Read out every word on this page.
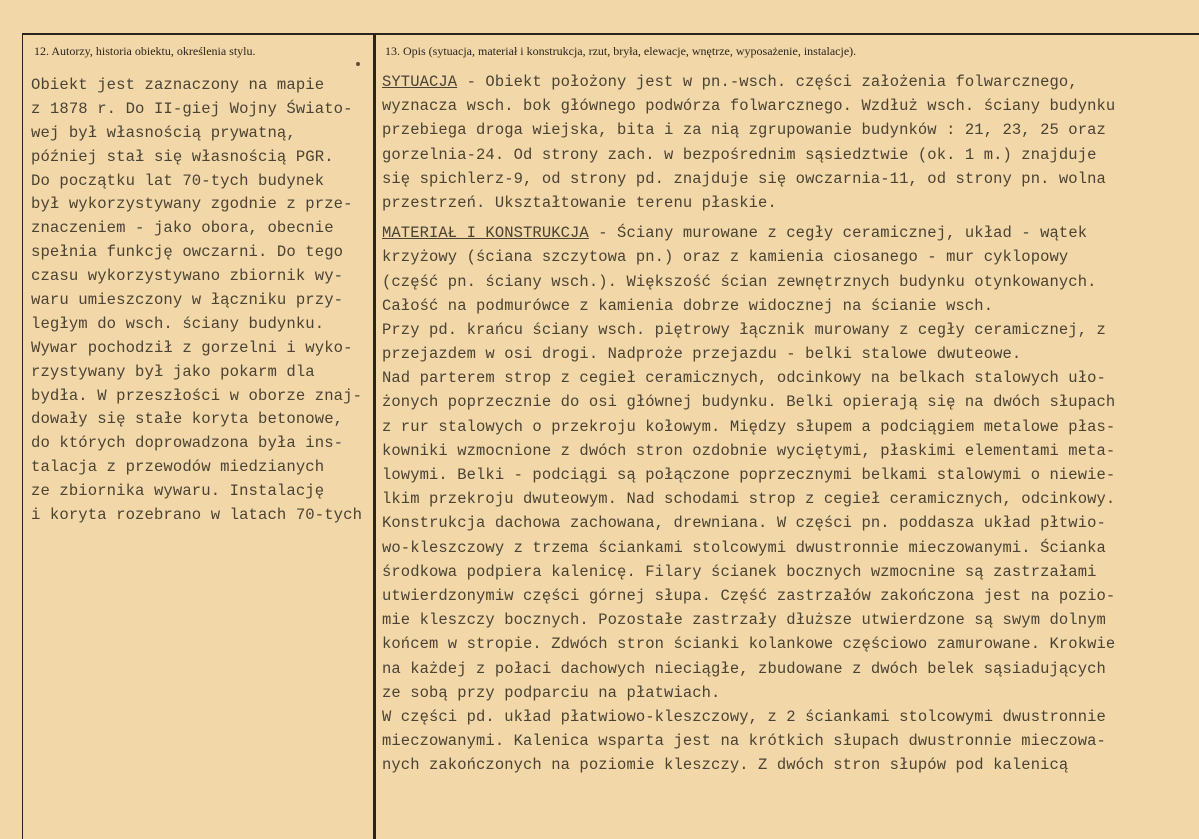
12. Autorzy, historia obiektu, określenia stylu.	13. Opis (sytuacja, materiał i konstrukcja, rzut, bryła, elewacje, wnętrze, wyposażenie, instalacje).
Obiekt jest zaznaczony na mapie
z 1878 r. Do II-giej Wojny Świato-
wej był własnością prywatną,
później stał się własnością PGR.
Do początku lat 70-tych budynek
był wykorzystywany zgodnie z prze-
znaczeniem - jako obora, obecnie
spełnia funkcję owczarni. Do tego
czasu wykorzystywano zbiornik wy-
waru umieszczony w łączniku przy-
ległym do wsch. ściany budynku.
Wywar pochodził z gorzelni i wyko-
rzystywany był jako pokarm dla
bydła. W przeszłości w oborze znaj-
dowały się stałe koryta betonowe,
do których doprowadzona była ins-
talacja z przewodów miedzianych
ze zbiornika wywaru. Instalację
i koryta rozebrano w latach 70-tych
SYTUACJA - Obiekt położony jest w pn.-wsch. części założenia folwarcznego,
wyznacza wsch. bok głównego podwórza folwarcznego. Wzdłuż wsch. ściany budynku
przebiega droga wiejska, bita i za nią zgrupowanie budynków : 21, 23, 25 oraz
gorzelnia-24. Od strony zach. w bezpośrednim sąsiedztwie (ok. 1 m.) znajduje
się spichlerz-9, od strony pd. znajduje się owczarnia-11, od strony pn. wolna
przestrzeń. Ukształtowanie terenu płaskie.
MATERIAŁ I KONSTRUKCJA - Ściany murowane z cegły ceramicznej, układ - wątek
krzyżowy (ściana szczytowa pn.) oraz z kamienia ciosanego - mur cyklopowy
(część pn. ściany wsch.). Większość ścian zewnętrznych budynku otynkowanych.
Całość na podmurówce z kamienia dobrze widocznej na ścianie wsch.
Przy pd. krańcu ściany wsch. piętrowy łącznik murowany z cegły ceramicznej, z
przejazdem w osi drogi. Nadproże przejazdu - belki stalowe dwuteowe.
Nad parterem strop z cegieł ceramicznych, odcinkowy na belkach stalowych uło-
żonych poprzecznie do osi głównej budynku. Belki opierają się na dwóch słupach
z rur stalowych o przekroju kołowym. Między słupem a podciągiem metalowe płas-
kowniki wzmocnione z dwóch stron ozdobnie wyciętymi, płaskimi elementami meta-
lowymi. Belki - podciągi są połączone poprzecznymi belkami stalowymi o niewie-
lkim przekroju dwuteowym. Nad schodami strop z cegieł ceramicznych, odcinkowy.
Konstrukcja dachowa zachowana, drewniana. W części pn. poddasza układ płtwio-
wo-kleszczowy z trzema ściankami stolcowymi dwustronnie mieczowanymi. Ścianka
środkowa podpiera kalenicę. Filary ścianek bocznych wzmocnine są zastrzałami
utwierdzonymiw części górnej słupa. Część zastrzałów zakończona jest na pozio-
mie kleszczy bocznych. Pozostałe zastrzały dłuższe utwierdzone są swym dolnym
końcem w stropie. Zdwóch stron ścianki kolankowe częściowo zamurowane. Krokwie
na każdej z połaci dachowych nieciągłe, zbudowane z dwóch belek sąsiadujących
ze sobą przy podparciu na płatwiach.
W części pd. układ płatwiowo-kleszczowy, z 2 ściankami stolcowymi dwustronnie
mieczowanymi. Kalenica wsparta jest na krótkich słupach dwustronnie mieczowa-
nych zakończonych na poziomie kleszczy. Z dwóch stron słupów pod kalenicą
